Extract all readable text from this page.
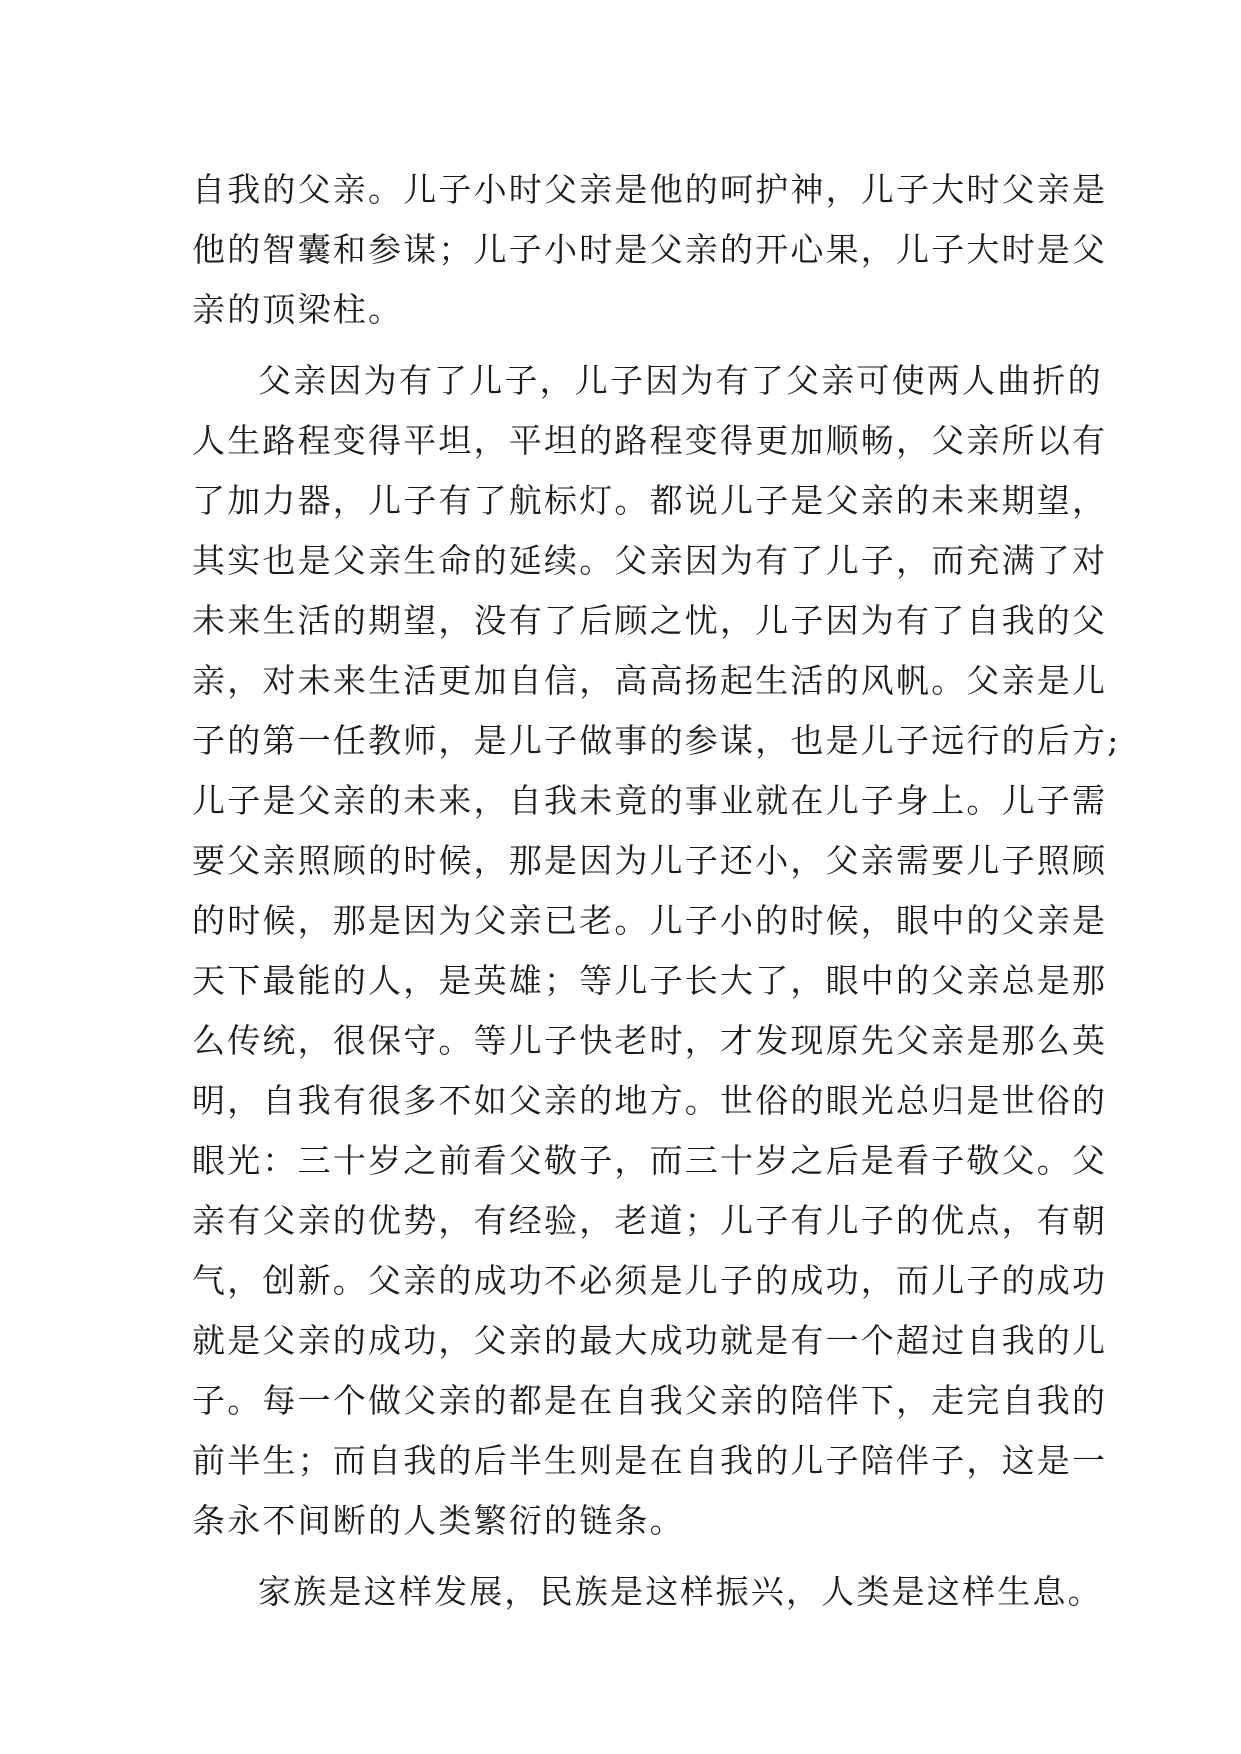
自我的父亲。儿子小时父亲是他的呵护神，儿子大时父亲是
他的智囊和参谋；儿子小时是父亲的开心果，儿子大时是父
亲的顶梁柱。
父亲因为有了儿子，儿子因为有了父亲可使两人曲折的
人生路程变得平坦，平坦的路程变得更加顺畅，父亲所以有
了加力器，儿子有了航标灯。都说儿子是父亲的未来期望，
其实也是父亲生命的延续。父亲因为有了儿子，而充满了对
未来生活的期望，没有了后顾之忧，儿子因为有了自我的父
亲，对未来生活更加自信，高高扬起生活的风帆。父亲是儿
子的第一任教师，是儿子做事的参谋，也是儿子远行的后方;
儿子是父亲的未来，自我未竟的事业就在儿子身上。儿子需
要父亲照顾的时候，那是因为儿子还小，父亲需要儿子照顾
的时候，那是因为父亲已老。儿子小的时候，眼中的父亲是
天下最能的人，是英雄；等儿子长大了，眼中的父亲总是那
么传统，很保守。等儿子快老时，才发现原先父亲是那么英
明，自我有很多不如父亲的地方。世俗的眼光总归是世俗的
眼光：三十岁之前看父敬子，而三十岁之后是看子敬父。父
亲有父亲的优势，有经验，老道；儿子有儿子的优点，有朝
气，创新。父亲的成功不必须是儿子的成功，而儿子的成功
就是父亲的成功，父亲的最大成功就是有一个超过自我的儿
子。每一个做父亲的都是在自我父亲的陪伴下，走完自我的
前半生；而自我的后半生则是在自我的儿子陪伴子，这是一
条永不间断的人类繁衍的链条。
家族是这样发展，民族是这样振兴，人类是这样生息。
